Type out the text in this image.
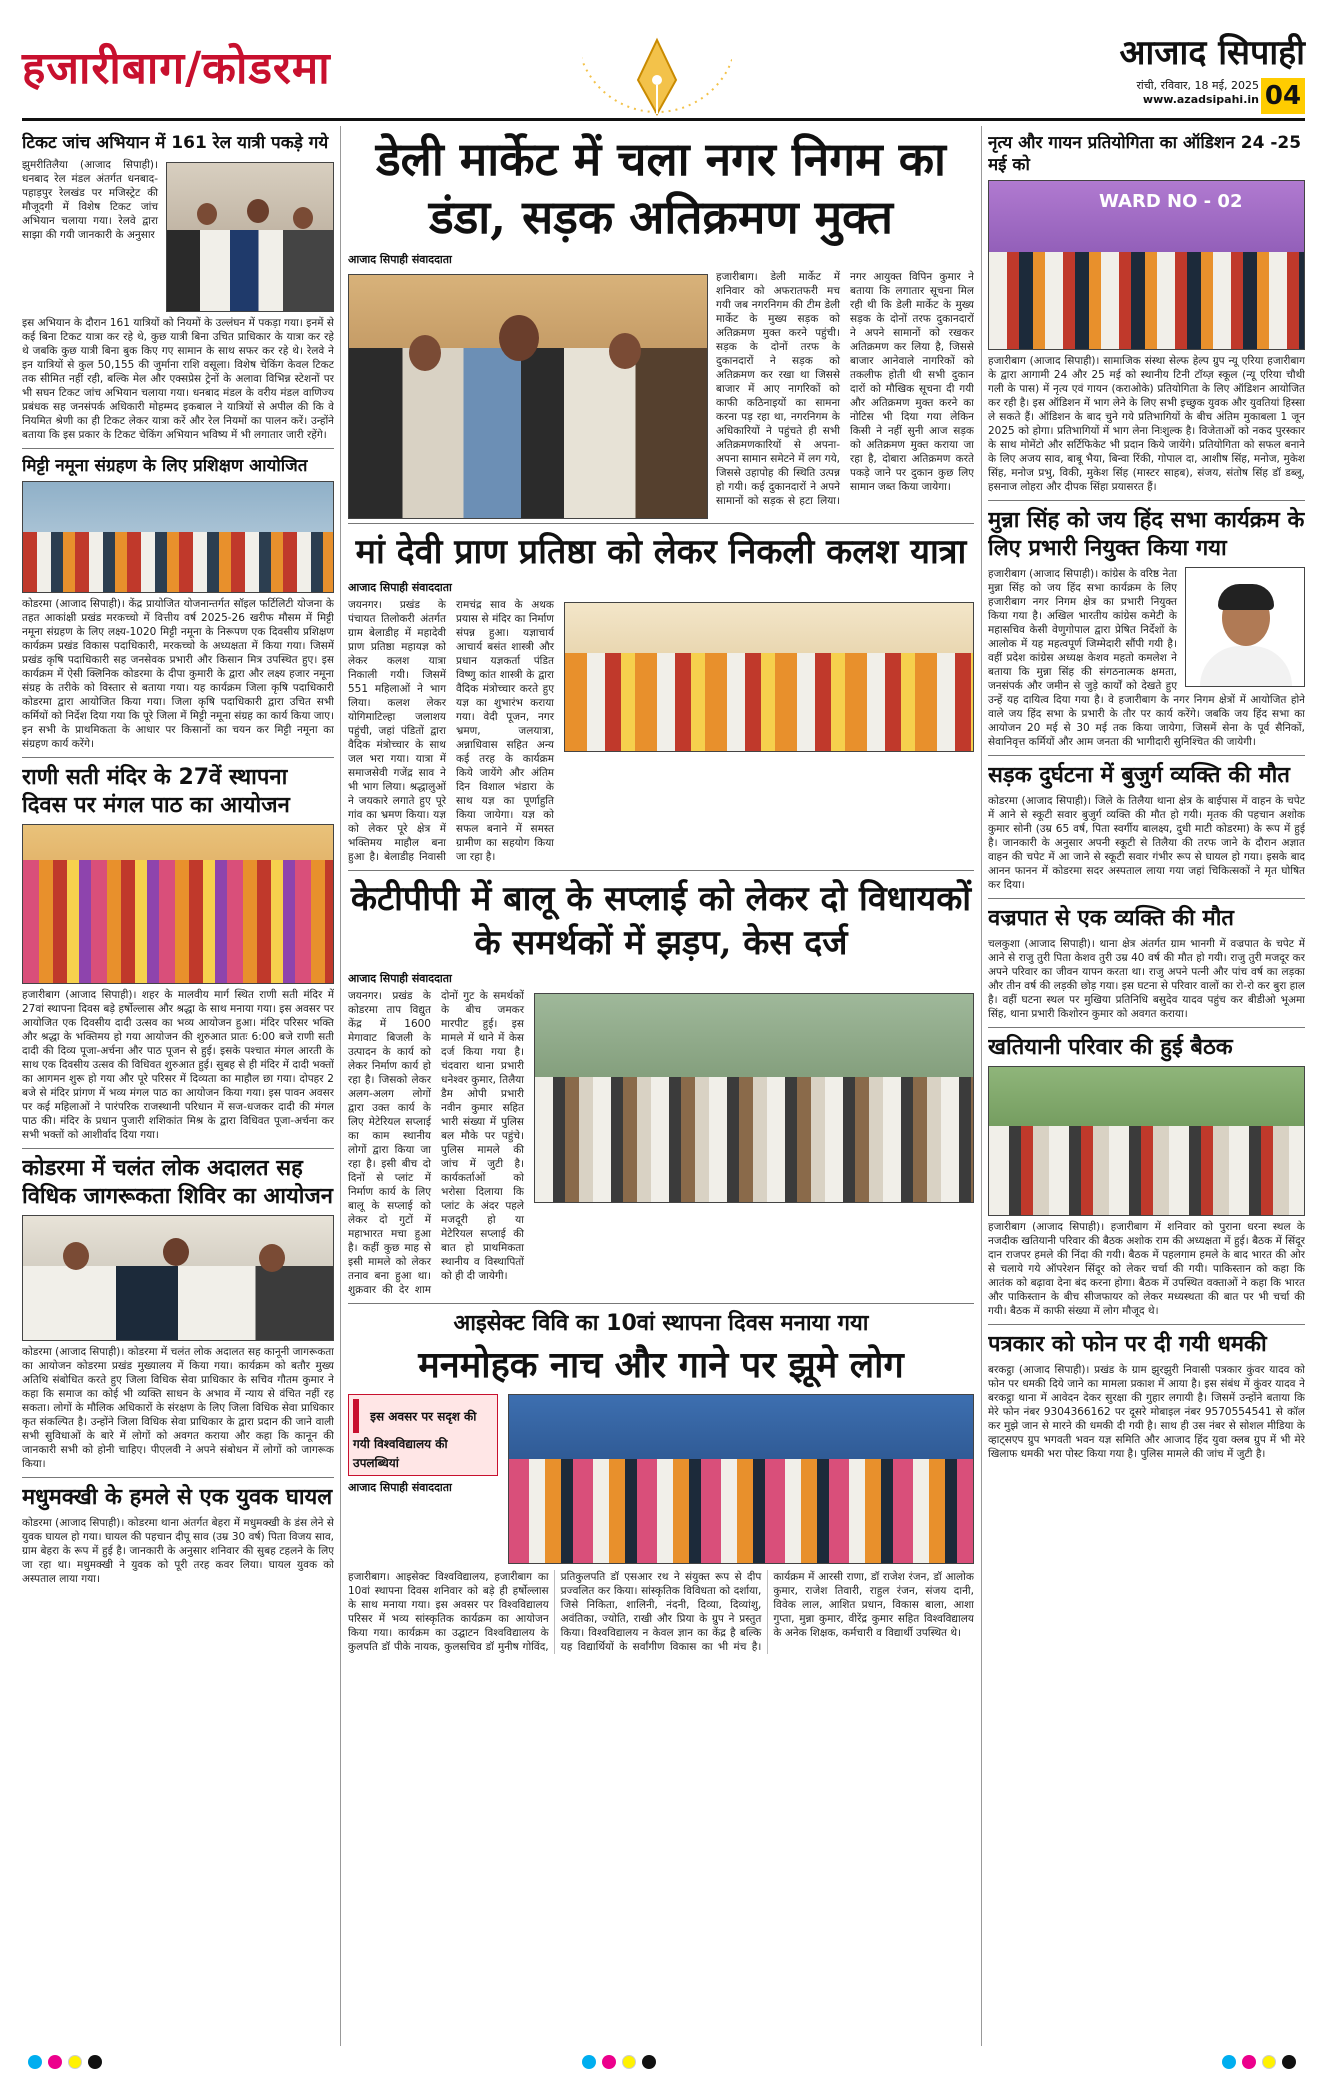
हजारीबाग/कोडरमा	आजाद सिपाही
रांची, रविवार, 18 मई, 2025
www.azadsipahi.in 04
टिकट जांच अभियान में 161 रेल यात्री पकड़े गये
झुमरीतिलैया (आजाद सिपाही)। धनबाद रेल मंडल अंतर्गत धनबाद-पहाड़पुर रेलखंड पर मजिस्ट्रेट की मौजूदगी में विशेष टिकट जांच अभियान चलाया गया। रेलवे द्वारा साझा की गयी जानकारी के अनुसार
इस अभियान के दौरान 161 यात्रियों को नियमों के उल्लंघन में पकड़ा गया। इनमें से कई बिना टिकट यात्रा कर रहे थे, कुछ यात्री बिना उचित प्राधिकार के यात्रा कर रहे थे जबकि कुछ यात्री बिना बुक किए गए सामान के साथ सफर कर रहे थे। रेलवे ने इन यात्रियों से कुल 50,155 की जुर्माना राशि वसूला। विशेष चेकिंग केवल टिकट तक सीमित नहीं रही, बल्कि मेल और एक्सप्रेस ट्रेनों के अलावा विभिन्न स्टेशनों पर भी सघन टिकट जांच अभियान चलाया गया। धनबाद मंडल के वरीय मंडल वाणिज्य प्रबंधक सह जनसंपर्क अधिकारी मोहम्मद इकबाल ने यात्रियों से अपील की कि वे नियमित श्रेणी का ही टिकट लेकर यात्रा करें और रेल नियमों का पालन करें। उन्होंने बताया कि इस प्रकार के टिकट चेकिंग अभियान भविष्य में भी लगातार जारी रहेंगे।
मिट्टी नमूना संग्रहण के लिए प्रशिक्षण आयोजित
कोडरमा (आजाद सिपाही)। केंद्र प्रायोजित योजनान्तर्गत सॉइल फर्टिलिटी योजना के तहत आकांक्षी प्रखंड मरकच्चो में वित्तीय वर्ष 2025-26 खरीफ मौसम में मिट्टी नमूना संग्रहण के लिए लक्ष्य-1020 मिट्टी नमूना के निरूपण एक दिवसीय प्रशिक्षण कार्यक्रम प्रखंड विकास पदाधिकारी, मरकच्चो के अध्यक्षता में किया गया। जिसमें प्रखंड कृषि पदाधिकारी सह जनसेवक प्रभारी और किसान मित्र उपस्थित हुए। इस कार्यक्रम में ऐसी क्लिनिक कोडरमा के दीपा कुमारी के द्वारा और लक्ष्य हजार नमूना संग्रह के तरीके को विस्तार से बताया गया। यह कार्यक्रम जिला कृषि पदाधिकारी कोडरमा द्वारा आयोजित किया गया। जिला कृषि पदाधिकारी द्वारा उचित सभी कर्मियों को निर्देश दिया गया कि पूरे जिला में मिट्टी नमूना संग्रह का कार्य किया जाए। इन सभी के प्राथमिकता के आधार पर किसानों का चयन कर मिट्टी नमूना का संग्रहण कार्य करेंगे।
राणी सती मंदिर के 27वें स्थापना दिवस पर मंगल पाठ का आयोजन
हजारीबाग (आजाद सिपाही)। शहर के मालवीय मार्ग स्थित राणी सती मंदिर में 27वां स्थापना दिवस बड़े हर्षोल्लास और श्रद्धा के साथ मनाया गया। इस अवसर पर आयोजित एक दिवसीय दादी उत्सव का भव्य आयोजन हुआ। मंदिर परिसर भक्ति और श्रद्धा के भक्तिमय हो गया आयोजन की शुरुआत प्रातः 6:00 बजे राणी सती दादी की दिव्य पूजा-अर्चना और पाठ पूजन से हुई। इसके पश्चात मंगल आरती के साथ एक दिवसीय उत्सव की विधिवत शुरुआत हुई। सुबह से ही मंदिर में दादी भक्तों का आगमन शुरू हो गया और पूरे परिसर में दिव्यता का माहौल छा गया। दोपहर 2 बजे से मंदिर प्रांगण में भव्य मंगल पाठ का आयोजन किया गया। इस पावन अवसर पर कई महिलाओं ने पारंपरिक राजस्थानी परिधान में सज-धजकर दादी की मंगल पाठ की। मंदिर के प्रधान पुजारी शशिकांत मिश्र के द्वारा विधिवत पूजा-अर्चना कर सभी भक्तों को आशीर्वाद दिया गया।
कोडरमा में चलंत लोक अदालत सह विधिक जागरूकता शिविर का आयोजन
कोडरमा (आजाद सिपाही)। कोडरमा में चलंत लोक अदालत सह कानूनी जागरूकता का आयोजन कोडरमा प्रखंड मुख्यालय में किया गया। कार्यक्रम को बतौर मुख्य अतिथि संबोधित करते हुए जिला विधिक सेवा प्राधिकार के सचिव गौतम कुमार ने कहा कि समाज का कोई भी व्यक्ति साधन के अभाव में न्याय से वंचित नहीं रह सकता। लोगों के मौलिक अधिकारों के संरक्षण के लिए जिला विधिक सेवा प्राधिकार कृत संकल्पित है। उन्होंने जिला विधिक सेवा प्राधिकार के द्वारा प्रदान की जाने वाली सभी सुविधाओं के बारे में लोगों को अवगत कराया और कहा कि कानून की जानकारी सभी को होनी चाहिए। पीएलवी ने अपने संबोधन में लोगों को जागरूक किया।
मधुमक्खी के हमले से एक युवक घायल
कोडरमा (आजाद सिपाही)। कोडरमा थाना अंतर्गत बेहरा में मधुमक्खी के डंस लेने से युवक घायल हो गया। घायल की पहचान दीपू साव (उम्र 30 वर्ष) पिता विजय साव, ग्राम बेहरा के रूप में हुई है। जानकारी के अनुसार शनिवार की सुबह टहलने के लिए जा रहा था। मधुमक्खी ने युवक को पूरी तरह कवर लिया। घायल युवक को अस्पताल लाया गया।
डेली मार्केट में चला नगर निगम का डंडा, सड़क अतिक्रमण मुक्त
आजाद सिपाही संवाददाता
हजारीबाग। डेली मार्केट में शनिवार को अफरातफरी मच गयी जब नगरनिगम की टीम डेली मार्केट के मुख्य सड़क को अतिक्रमण मुक्त करने पहुंची। सड़क के दोनों तरफ के दुकानदारों ने सड़क को अतिक्रमण कर रखा था जिससे बाजार में आए नागरिकों को काफी कठिनाइयों का सामना करना पड़ रहा था, नगरनिगम के अधिकारियों ने पहुंचते ही सभी अतिक्रमणकारियों से अपना-अपना सामान समेटने में लग गये, जिससे उहापोह की स्थिति उत्पन्न हो गयी। कई दुकानदारों ने अपने सामानों को सड़क से हटा लिया। नगर आयुक्त विपिन कुमार ने बताया कि लगातार सूचना मिल रही थी कि डेली मार्केट के मुख्य सड़क के दोनों तरफ दुकानदारों ने अपने सामानों को रखकर अतिक्रमण कर लिया है, जिससे बाजार आनेवाले नागरिकों को तकलीफ होती थी सभी दुकान दारों को मौखिक सूचना दी गयी और अतिक्रमण मुक्त करने का नोटिस भी दिया गया लेकिन किसी ने नहीं सुनी आज सड़क को अतिक्रमण मुक्त कराया जा रहा है, दोबारा अतिक्रमण करते पकड़े जाने पर दुकान कुछ लिए सामान जब्त किया जायेगा।
मां देवी प्राण प्रतिष्ठा को लेकर निकली कलश यात्रा
आजाद सिपाही संवाददाता
जयनगर। प्रखंड के पंचायत तिलोकरी अंतर्गत ग्राम बेलाडीह में महादेवी प्राण प्रतिष्ठा महायज्ञ को लेकर कलश यात्रा निकाली गयी। जिसमें 551 महिलाओं ने भाग लिया। कलश लेकर योगिमाटिल्हा जलाशय पहुंची, जहां पंडितों द्वारा वैदिक मंत्रोच्चार के साथ जल भरा गया। यात्रा में समाजसेवी गजेंद्र साव ने भी भाग लिया। श्रद्धालुओं ने जयकारे लगाते हुए पूरे गांव का भ्रमण किया। यज्ञ को लेकर पूरे क्षेत्र में भक्तिमय माहौल बना हुआ है। बेलाडीह निवासी रामचंद्र साव के अथक प्रयास से मंदिर का निर्माण संपन्न हुआ। यज्ञाचार्य आचार्य बसंत शास्त्री और प्रधान यज्ञकर्ता पंडित विष्णु कांत शास्त्री के द्वारा वैदिक मंत्रोच्चार करते हुए यज्ञ का शुभारंभ कराया गया। वेदी पूजन, नगर भ्रमण, जलयात्रा, अन्नाधिवास सहित अन्य कई तरह के कार्यक्रम किये जायेंगे और अंतिम दिन विशाल भंडारा के साथ यज्ञ का पूर्णाहुति किया जायेगा। यज्ञ को सफल बनाने में समस्त ग्रामीण का सहयोग किया जा रहा है।
केटीपीपी में बालू के सप्लाई को लेकर दो विधायकों के समर्थकों में झड़प, केस दर्ज
आजाद सिपाही संवाददाता
जयनगर। प्रखंड के कोडरमा ताप विद्युत केंद्र में 1600 मेगावाट बिजली के उत्पादन के कार्य को लेकर निर्माण कार्य हो रहा है। जिसको लेकर अलग-अलग लोगों द्वारा उक्त कार्य के लिए मेटेरियल सप्लाई का काम स्थानीय लोगों द्वारा किया जा रहा है। इसी बीच दो दिनों से प्लांट में निर्माण कार्य के लिए बालू के सप्लाई को लेकर दो गुटों में महाभारत मचा हुआ है। कहीं कुछ माह से इसी मामले को लेकर तनाव बना हुआ था। शुक्रवार की देर शाम दोनों गुट के समर्थकों के बीच जमकर मारपीट हुई। इस मामले में थाने में केस दर्ज किया गया है। चंदवारा थाना प्रभारी धनेश्वर कुमार, तिलैया डैम ओपी प्रभारी नवीन कुमार सहित भारी संख्या में पुलिस बल मौके पर पहुंचे। पुलिस मामले की जांच में जुटी है। कार्यकर्ताओं को भरोसा दिलाया कि प्लांट के अंदर पहले मजदूरी हो या मेटेरियल सप्लाई की बात हो प्राथमिकता स्थानीय व विस्थापितों को ही दी जायेगी।
आइसेक्ट विवि का 10वां स्थापना दिवस मनाया गया
मनमोहक नाच और गाने पर झूमे लोग
इस अवसर पर सदृश की गयी विश्वविद्यालय की उपलब्धियां
आजाद सिपाही संवाददाता
हजारीबाग। आइसेक्ट विश्वविद्यालय, हजारीबाग का 10वां स्थापना दिवस शनिवार को बड़े ही हर्षोल्लास के साथ मनाया गया। इस अवसर पर विश्वविद्यालय परिसर में भव्य सांस्कृतिक कार्यक्रम का आयोजन किया गया। कार्यक्रम का उद्घाटन विश्वविद्यालय के कुलपति डॉ पीके नायक, कुलसचिव डॉ मुनीष गोविंद, प्रतिकुलपति डॉ एसआर रथ ने संयुक्त रूप से दीप प्रज्वलित कर किया। सांस्कृतिक विविधता को दर्शाया, जिसे निकिता, शालिनी, नंदनी, दिव्या, दिव्यांशु, अवंतिका, ज्योति, राखी और प्रिया के ग्रुप ने प्रस्तुत किया। विश्वविद्यालय न केवल ज्ञान का केंद्र है बल्कि यह विद्यार्थियों के सर्वांगीण विकास का भी मंच है। कार्यक्रम में आरसी राणा, डॉ राजेश रंजन, डॉ आलोक कुमार, राजेश तिवारी, राहुल रंजन, संजय दानी, विवेक लाल, आशित प्रधान, विकास बाला, आशा गुप्ता, मुन्ना कुमार, वीरेंद्र कुमार सहित विश्वविद्यालय के अनेक शिक्षक, कर्मचारी व विद्यार्थी उपस्थित थे।
नृत्य और गायन प्रतियोगिता का ऑडिशन 24 -25 मई को
WARD NO - 02
हजारीबाग (आजाद सिपाही)। सामाजिक संस्था सेल्फ हेल्प ग्रुप न्यू एरिया हजारीबाग के द्वारा आगामी 24 और 25 मई को स्थानीय टिनी टॉय्ज़ स्कूल (न्यू एरिया चौथी गली के पास) में नृत्य एवं गायन (कराओके) प्रतियोगिता के लिए ऑडिशन आयोजित कर रही है। इस ऑडिशन में भाग लेने के लिए सभी इच्छुक युवक और युवतियां हिस्सा ले सकते हैं। ऑडिशन के बाद चुने गये प्रतिभागियों के बीच अंतिम मुकाबला 1 जून 2025 को होगा। प्रतिभागियों में भाग लेना निःशुल्क है। विजेताओं को नकद पुरस्कार के साथ मोमेंटो और सर्टिफिकेट भी प्रदान किये जायेंगे। प्रतियोगिता को सफल बनाने के लिए अजय साव, बाबू भैया, बिन्वा रिंकी, गोपाल दा, आशीष सिंह, मनोज, मुकेश सिंह, मनोज प्रभु, विकी, मुकेश सिंह (मास्टर साहब), संजय, संतोष सिंह डॉ डब्लू, हसनाज लोहरा और दीपक सिंहा प्रयासरत हैं।
मुन्ना सिंह को जय हिंद सभा कार्यक्रम के लिए प्रभारी नियुक्त किया गया
हजारीबाग (आजाद सिपाही)। कांग्रेस के वरिष्ठ नेता मुन्ना सिंह को जय हिंद सभा कार्यक्रम के लिए हजारीबाग नगर निगम क्षेत्र का प्रभारी नियुक्त किया गया है। अखिल भारतीय कांग्रेस कमेटी के महासचिव केसी वेणुगोपाल द्वारा प्रेषित निर्देशों के आलोक में यह महत्वपूर्ण जिम्मेदारी सौंपी गयी है। वहीं प्रदेश कांग्रेस अध्यक्ष केशव महतो कमलेश ने बताया कि मुन्ना सिंह की संगठनात्मक क्षमता, जनसंपर्क और जमीन से जुड़े कार्यों को देखते हुए उन्हें यह दायित्व दिया गया है। वे हजारीबाग के नगर निगम क्षेत्रों में आयोजित होने वाले जय हिंद सभा के प्रभारी के तौर पर कार्य करेंगे। जबकि जय हिंद सभा का आयोजन 20 मई से 30 मई तक किया जायेगा, जिसमें सेना के पूर्व सैनिकों, सेवानिवृत्त कर्मियों और आम जनता की भागीदारी सुनिश्चित की जायेगी।
सड़क दुर्घटना में बुजुर्ग व्यक्ति की मौत
कोडरमा (आजाद सिपाही)। जिले के तिलैया थाना क्षेत्र के बाईपास में वाहन के चपेट में आने से स्कूटी सवार बुजुर्ग व्यक्ति की मौत हो गयी। मृतक की पहचान अशोक कुमार सोनी (उम्र 65 वर्ष, पिता स्वर्गीय बालक्ष्य, दुधी माटी कोडरमा) के रूप में हुई है। जानकारी के अनुसार अपनी स्कूटी से तिलैया की तरफ जाने के दौरान अज्ञात वाहन की चपेट में आ जाने से स्कूटी सवार गंभीर रूप से घायल हो गया। इसके बाद आनन फानन में कोडरमा सदर अस्पताल लाया गया जहां चिकित्सकों ने मृत घोषित कर दिया।
वज्रपात से एक व्यक्ति की मौत
चलकुशा (आजाद सिपाही)। थाना क्षेत्र अंतर्गत ग्राम भानगी में वज्रपात के चपेट में आने से राजु तुरी पिता केशव तुरी उम्र 40 वर्ष की मौत हो गयी। राजु तुरी मजदूर कर अपने परिवार का जीवन यापन करता था। राजु अपने पत्नी और पांच वर्ष का लड़का और तीन वर्ष की लड़की छोड़ गया। इस घटना से परिवार वालों का रो-रो कर बुरा हाल है। वहीं घटना स्थल पर मुखिया प्रतिनिधि बसुदेव यादव पहुंच कर बीडीओ भूअमा सिंह, थाना प्रभारी किशोरन कुमार को अवगत कराया।
खतियानी परिवार की हुई बैठक
हजारीबाग (आजाद सिपाही)। हजारीबाग में शनिवार को पुराना धरना स्थल के नजदीक खतियानी परिवार की बैठक अशोक राम की अध्यक्षता में हुई। बैठक में सिंदूर दान राजपर हमले की निंदा की गयी। बैठक में पहलगाम हमले के बाद भारत की ओर से चलाये गये ऑपरेशन सिंदूर को लेकर चर्चा की गयी। पाकिस्तान को कहा कि आतंक को बढ़ावा देना बंद करना होगा। बैठक में उपस्थित वक्ताओं ने कहा कि भारत और पाकिस्तान के बीच सीजफायर को लेकर मध्यस्थता की बात पर भी चर्चा की गयी। बैठक में काफी संख्या में लोग मौजूद थे।
पत्रकार को फोन पर दी गयी धमकी
बरकट्ठा (आजाद सिपाही)। प्रखंड के ग्राम झुरझुरी निवासी पत्रकार कुंवर यादव को फोन पर धमकी दिये जाने का मामला प्रकाश में आया है। इस संबंध में कुंवर यादव ने बरकट्ठा थाना में आवेदन देकर सुरक्षा की गुहार लगायी है। जिसमें उन्होंने बताया कि मेरे फोन नंबर 9304366162 पर दूसरे मोबाइल नंबर 9570554541 से कॉल कर मुझे जान से मारने की धमकी दी गयी है। साथ ही उस नंबर से सोशल मीडिया के व्हाट्सएप ग्रुप भगवती भवन यज्ञ समिति और आजाद हिंद युवा क्लब ग्रुप में भी मेरे खिलाफ धमकी भरा पोस्ट किया गया है। पुलिस मामले की जांच में जुटी है।
